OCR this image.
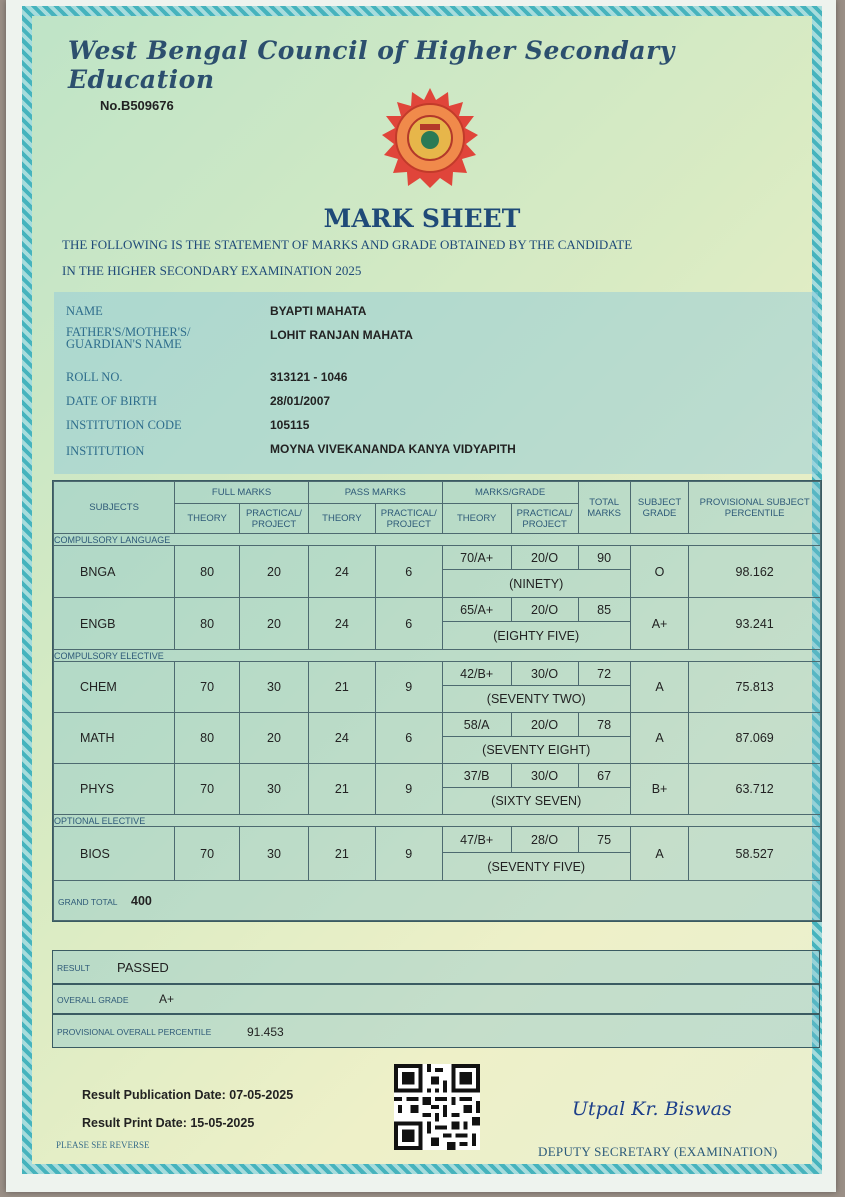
West Bengal Council of Higher Secondary Education
No.B509676
MARK SHEET
THE FOLLOWING IS THE STATEMENT OF MARKS AND GRADE OBTAINED BY THE CANDIDATE
IN THE HIGHER SECONDARY EXAMINATION 2025
NAME	BYAPTI MAHATA
FATHER'S/MOTHER'S/
GUARDIAN'S NAME
LOHIT RANJAN MAHATA
ROLL NO.	313121 - 1046
DATE OF BIRTH	28/01/2007
INSTITUTION CODE	105115
INSTITUTION	MOYNA VIVEKANANDA KANYA VIDYAPITH
SUBJECTS	FULL MARKS		PASS MARKS		MARKS/GRADE		TOTAL MARKS	SUBJECT GRADE	PROVISIONAL SUBJECT PERCENTILE
	THEORY	PRACTICAL/ PROJECT	THEORY	PRACTICAL/ PROJECT	THEORY	PRACTICAL/ PROJECT			
COMPULSORY LANGUAGE									
BNGA	80	20	24	6	70/A+	20/O	90	O	98.162
					(NINETY)				
ENGB	80	20	24	6	65/A+	20/O	85	A+	93.241
					(EIGHTY FIVE)				
COMPULSORY ELECTIVE									
CHEM	70	30	21	9	42/B+	30/O	72	A	75.813
					(SEVENTY TWO)				
MATH	80	20	24	6	58/A	20/O	78	A	87.069
					(SEVENTY EIGHT)				
PHYS	70	30	21	9	37/B	30/O	67	B+	63.712
					(SIXTY SEVEN)				
OPTIONAL ELECTIVE									
BIOS	70	30	21	9	47/B+	28/O	75	A	58.527
					(SEVENTY FIVE)				
GRAND TOTAL 400									
RESULT PASSED
OVERALL GRADE	A+
PROVISIONAL OVERALL PERCENTILE	91.453
Result Publication Date: 07-05-2025
Result Print Date: 15-05-2025
PLEASE SEE REVERSE
Utpal Kr. Biswas
DEPUTY SECRETARY (EXAMINATION)
